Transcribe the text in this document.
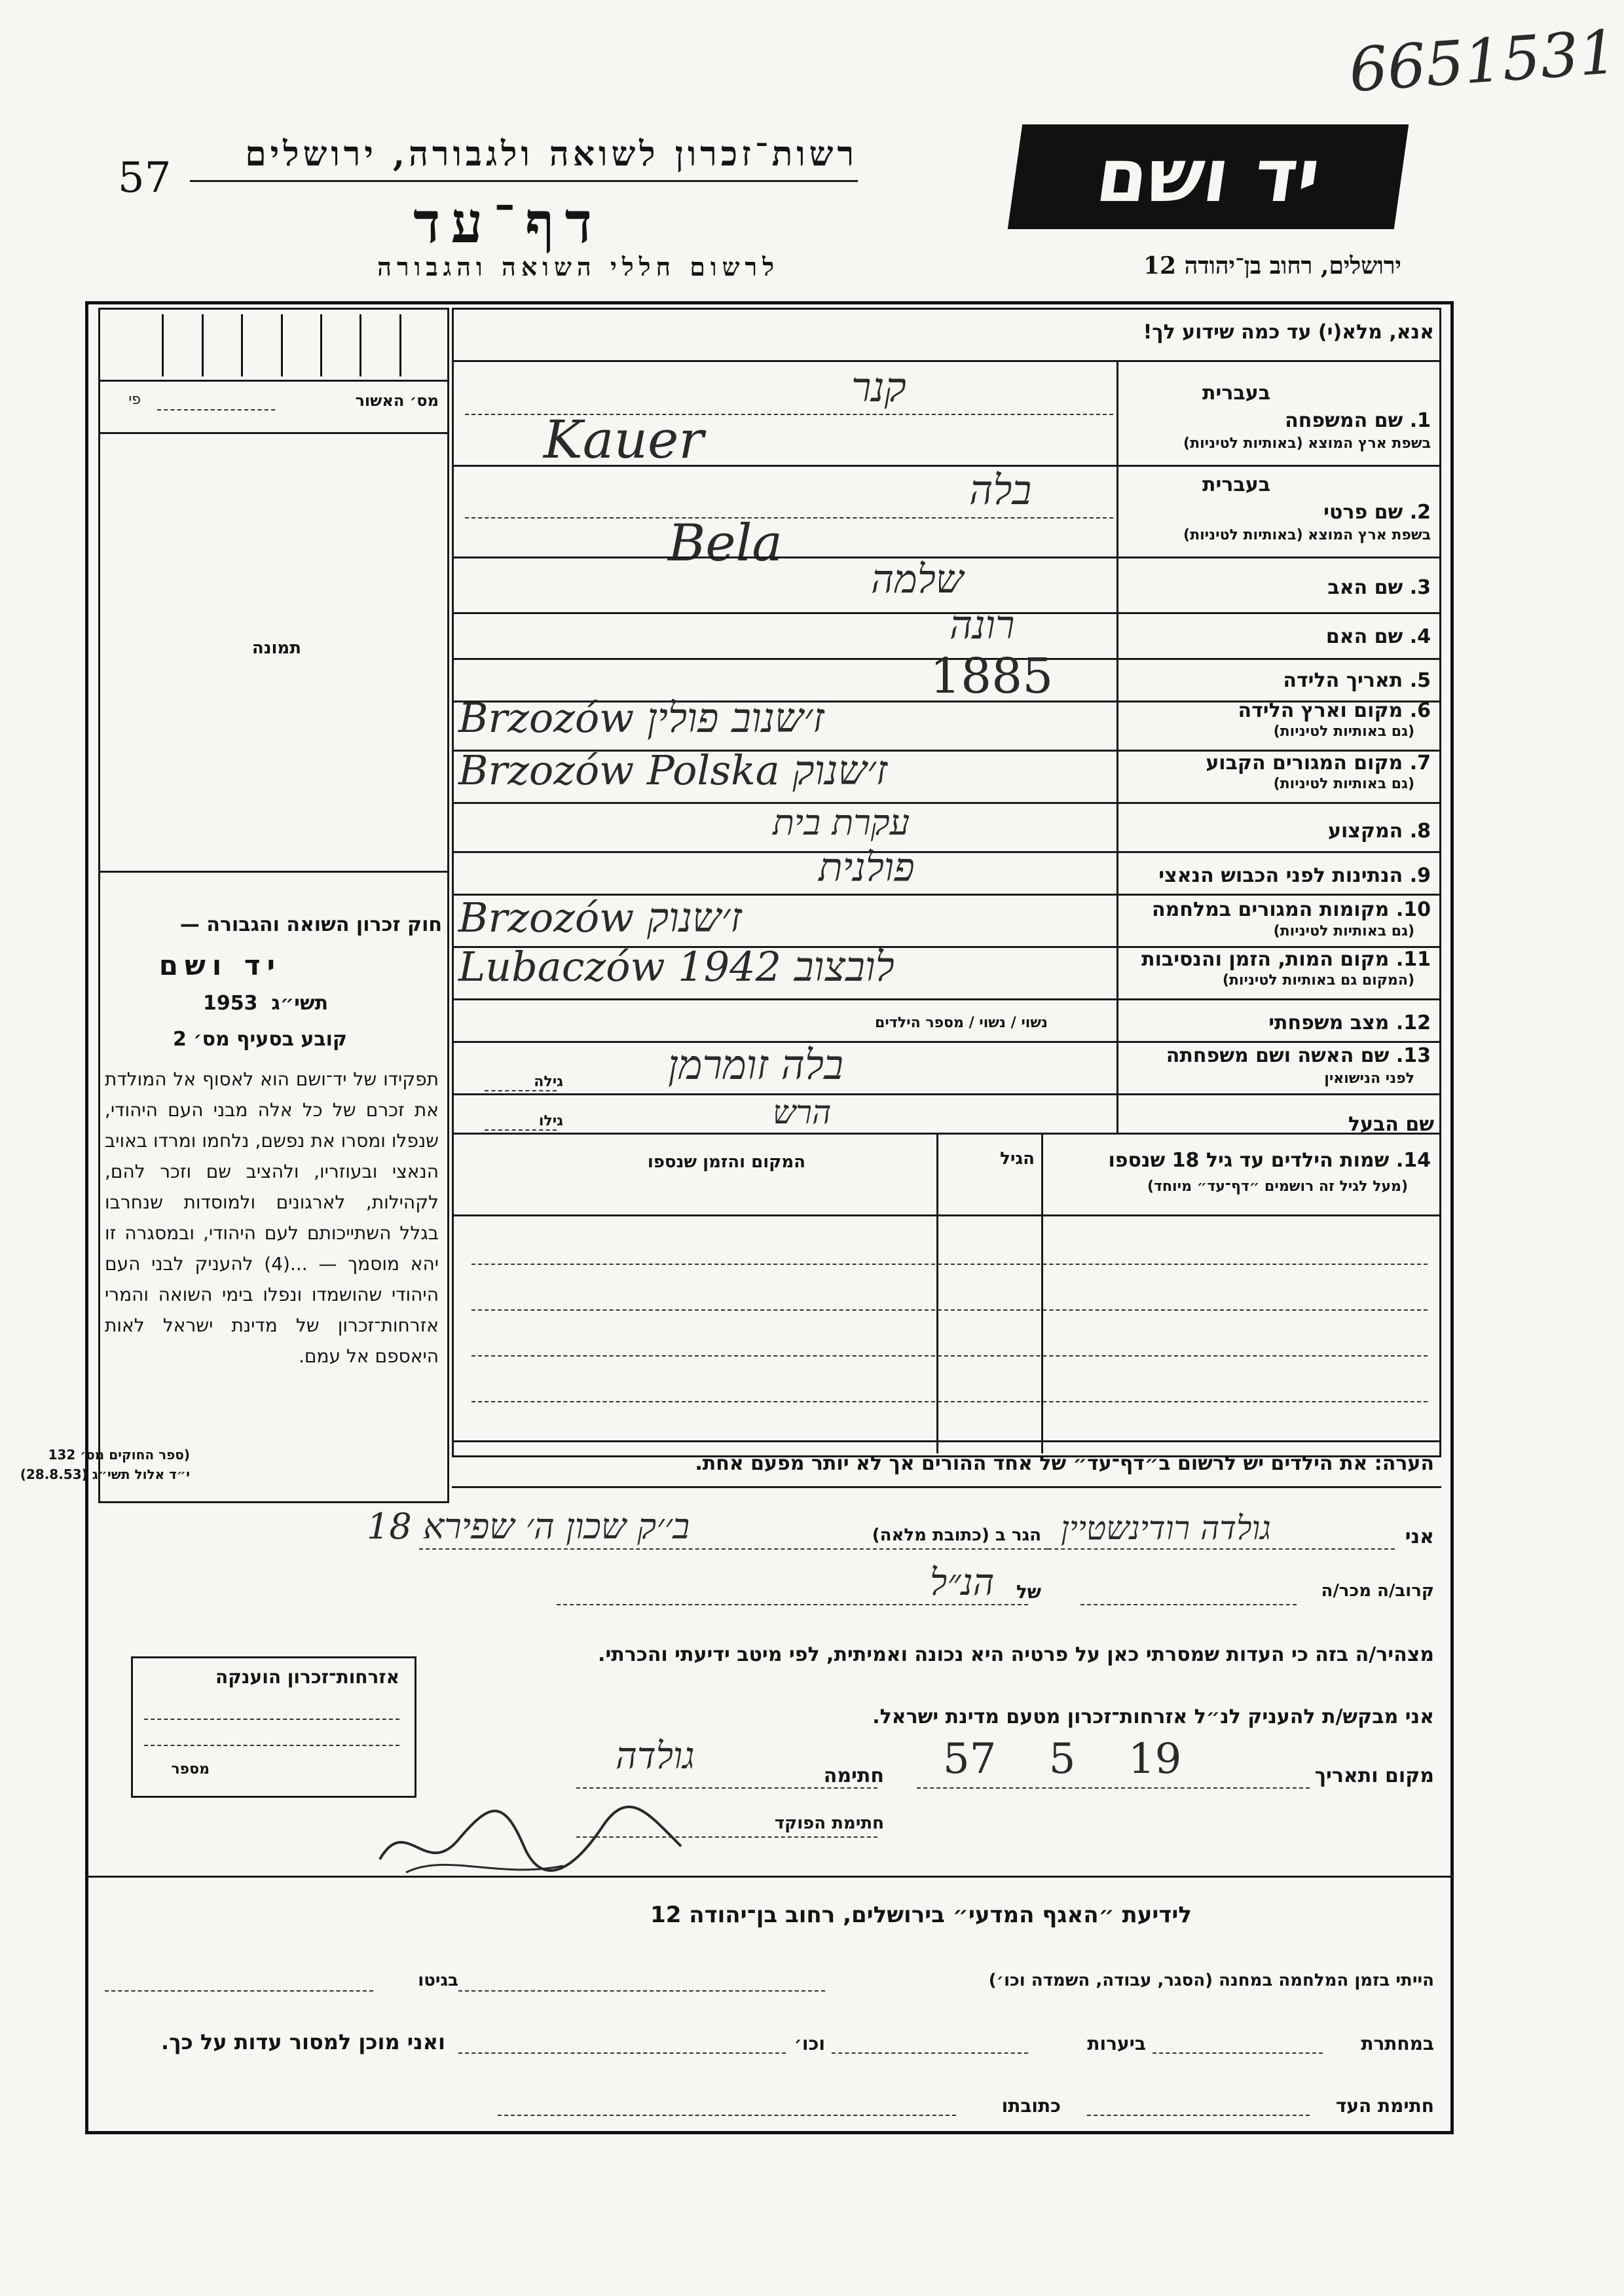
6651531
57 רשות־זכרון לשואה ולגבורה, ירושלים
דף־עד
לרשום חללי השואה והגבורה
יד ושם
ירושלים, רחוב בן־יהודה 12
מס׳ האשור
פי
תמונה
חוק זכרון השואה והגבורה —
יד ושם
תשי״ג  1953
קובע בסעיף מס׳ 2
תפקידו של יד־ושם הוא לאסוף אל המולדת את זכרם של כל אלה מבני העם היהודי, שנפלו ומסרו את נפשם, נלחמו ומרדו באויב הנאצי ובעוזריו, ולהציב שם וזכר להם, לקהילות, לארגונים ולמוסדות שנחרבו בגלל השתייכותם לעם היהודי, ובמסגרה זו יהא מוסמך — ...(4) להעניק לבני העם היהודי שהושמדו ונפלו בימי השואה והמרי אזרחות־זכרון של מדינת ישראל לאות היאספם אל עמם.
(ספר החוקים מס׳ 132
י״ד אלול תשי״ג (28.8.53)
אנא, מלא(י) עד כמה שידוע לך!
1. שם המשפחה
בשפת ארץ המוצא (באותיות לטיניות)
בעברית
קנר
Kauer
בעברית
2. שם פרטי
בשפת ארץ המוצא (באותיות לטיניות)
בלה
Bela
3. שם האב
שלמה
4. שם האם
רונה
5. תאריך הלידה
1885
6. מקום וארץ הלידה
(גם באותיות לטיניות)
Brzozów ז׳שנוב פולין
7. מקום המגורים הקבוע
(גם באותיות לטיניות)
Brzozów Polska ז׳שנוק
8. המקצוע
עקרת בית
9. הנתינות לפני הכבוש הנאצי
פולנית
10. מקומות המגורים במלחמה
(גם באותיות לטיניות)
Brzozów ז׳שנוק
11. מקום המות, הזמן והנסיבות
(המקום גם באותיות לטיניות)
Lubaczów לובצוב 1942
12. מצב משפחתי
נשוי / נשוי / מספר הילדים
13. שם האשה ושם משפחתה
לפני הנישואין
בלה זומרמן
גילה
שם הבעל
הרש
גילו
14. שמות הילדים עד גיל 18 שנספו
(מעל לגיל זה רושמים ״דף־עד״ מיוחד)
הגיל
המקום והזמן שנספו
הערה: את הילדים יש לרשום ב״דף־עד״ של אחד ההורים אך לא יותר מפעם אחת.
אני
גולדה רודינשטיין
הגר ב (כתובת מלאה)
ב׳׳ק שכון ה׳ שפירא 18
קרוב/ה מכר/ה
של
הנ״ל
מצהיר/ה בזה כי העדות שמסרתי כאן על פרטיה היא נכונה ואמיתית, לפי מיטב ידיעתי והכרתי.
אני מבקש/ת להעניק לנ״ל אזרחות־זכרון מטעם מדינת ישראל.
מקום ותאריך
57 5 19
חתימה
גולדה
חתימת הפוקד
אזרחות־זכרון הוענקה
מספר
לידיעת ״האגף המדעי״ בירושלים, רחוב בן־יהודה 12
הייתי בזמן המלחמה במחנה (הסגר, עבודה, השמדה וכו׳)
בגיטו
במחתרת
ביערות
וכו׳
ואני מוכן למסור עדות על כך.
חתימת העד
כתובתו
